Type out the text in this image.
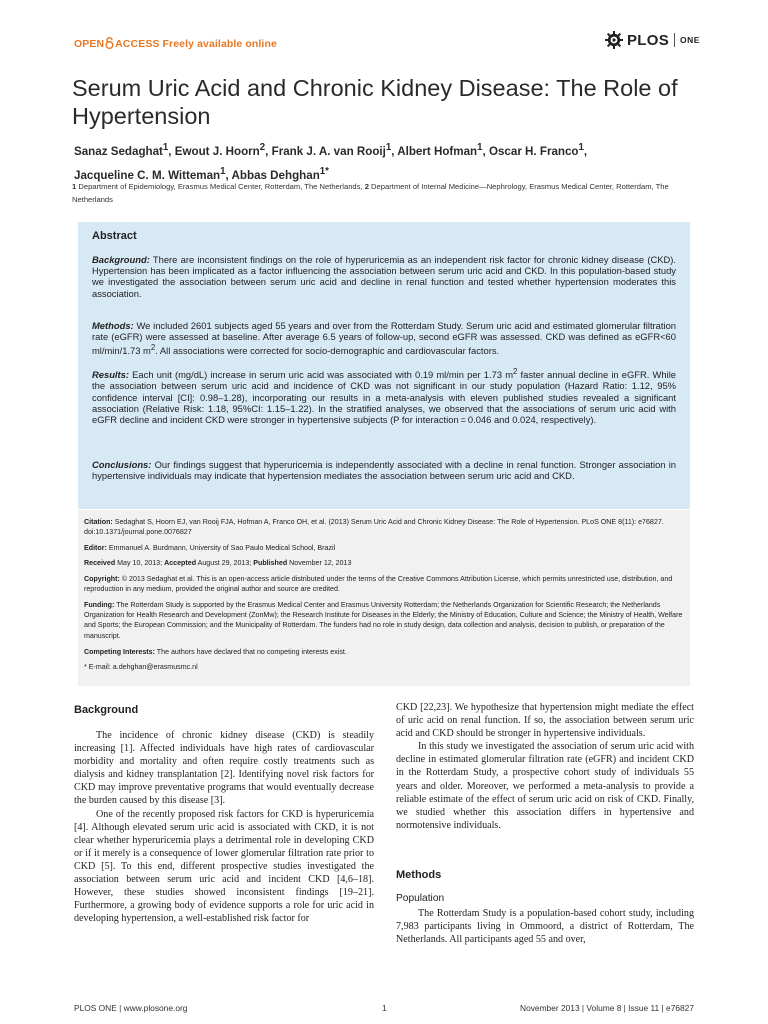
OPEN ACCESS Freely available online	PLOS ONE
Serum Uric Acid and Chronic Kidney Disease: The Role of Hypertension
Sanaz Sedaghat$^1$, Ewout J. Hoorn$^2$, Frank J. A. van Rooij$^1$, Albert Hofman$^1$, Oscar H. Franco$^1$,
Jacqueline C. M. Witteman$^1$, Abbas Dehghan$^{1*}$
1 Department of Epidemiology, Erasmus Medical Center, Rotterdam, The Netherlands, 2 Department of Internal Medicine—Nephrology, Erasmus Medical Center, Rotterdam, The Netherlands
Abstract
Background: There are inconsistent findings on the role of hyperuricemia as an independent risk factor for chronic kidney disease (CKD). Hypertension has been implicated as a factor influencing the association between serum uric acid and CKD. In this population-based study we investigated the association between serum uric acid and decline in renal function and tested whether hypertension moderates this association.
Methods: We included 2601 subjects aged 55 years and over from the Rotterdam Study. Serum uric acid and estimated glomerular filtration rate (eGFR) were assessed at baseline. After average 6.5 years of follow-up, second eGFR was assessed. CKD was defined as eGFR<60 ml/min/1.73 $m^2$. All associations were corrected for socio-demographic and cardiovascular factors.
Results: Each unit (mg/dL) increase in serum uric acid was associated with 0.19 ml/min per 1.73 $m^2$ faster annual decline in eGFR. While the association between serum uric acid and incidence of CKD was not significant in our study population (Hazard Ratio: 1.12, 95% confidence interval [CI]: 0.98–1.28), incorporating our results in a meta-analysis with eleven published studies revealed a significant association (Relative Risk: 1.18, 95%CI: 1.15–1.22). In the stratified analyses, we observed that the associations of serum uric acid with eGFR decline and incident CKD were stronger in hypertensive subjects (P for interaction = 0.046 and 0.024, respectively).
Conclusions: Our findings suggest that hyperuricemia is independently associated with a decline in renal function. Stronger association in hypertensive individuals may indicate that hypertension mediates the association between serum uric acid and CKD.
Citation: Sedaghat S, Hoorn EJ, van Rooij FJA, Hofman A, Franco OH, et al. (2013) Serum Uric Acid and Chronic Kidney Disease: The Role of Hypertension. PLoS ONE 8(11): e76827. doi:10.1371/journal.pone.0076827
Editor: Emmanuel A. Burdmann, University of Sao Paulo Medical School, Brazil
Received May 10, 2013; Accepted August 29, 2013; Published November 12, 2013
Copyright: © 2013 Sedaghat et al. This is an open-access article distributed under the terms of the Creative Commons Attribution License, which permits unrestricted use, distribution, and reproduction in any medium, provided the original author and source are credited.
Funding: The Rotterdam Study is supported by the Erasmus Medical Center and Erasmus University Rotterdam; the Netherlands Organization for Scientific Research; the Netherlands Organization for Health Research and Development (ZonMw); the Research Institute for Diseases in the Elderly; the Ministry of Education, Culture and Science; the Ministry of Health, Welfare and Sports; the European Commission; and the Municipality of Rotterdam. The funders had no role in study design, data collection and analysis, decision to publish, or preparation of the manuscript.
Competing Interests: The authors have declared that no competing interests exist.
* E-mail: a.dehghan@erasmusmc.nl
Background

The incidence of chronic kidney disease (CKD) is steadily increasing [1]. Affected individuals have high rates of cardiovascular morbidity and mortality and often require costly treatments such as dialysis and kidney transplantation [2]. Identifying novel risk factors for CKD may improve preventative programs that would eventually decrease the burden caused by this disease [3].

One of the recently proposed risk factors for CKD is hyperuricemia [4]. Although elevated serum uric acid is associated with CKD, it is not clear whether hyperuricemia plays a detrimental role in developing CKD or if it merely is a consequence of lower glomerular filtration rate prior to CKD [5]. To this end, different prospective studies investigated the association between serum uric acid and incident CKD [4,6–18]. However, these studies showed inconsistent findings [19–21]. Furthermore, a growing body of evidence supports a role for uric acid in developing hypertension, a well-established risk factor for

CKD [22,23]. We hypothesize that hypertension might mediate the effect of uric acid on renal function. If so, the association between serum uric acid and CKD should be stronger in hypertensive individuals.

In this study we investigated the association of serum uric acid with decline in estimated glomerular filtration rate (eGFR) and incident CKD in the Rotterdam Study, a prospective cohort study of individuals 55 years and older. Moreover, we performed a meta-analysis to provide a reliable estimate of the effect of serum uric acid on risk of CKD. Finally, we studied whether this association differs in hypertensive and normotensive individuals.

Methods
Population

The Rotterdam Study is a population-based cohort study, including 7,983 participants living in Ommoord, a district of Rotterdam, The Netherlands. All participants aged 55 and over,

PLOS ONE | www.plosone.org	1	November 2013 | Volume 8 | Issue 11 | e76827
